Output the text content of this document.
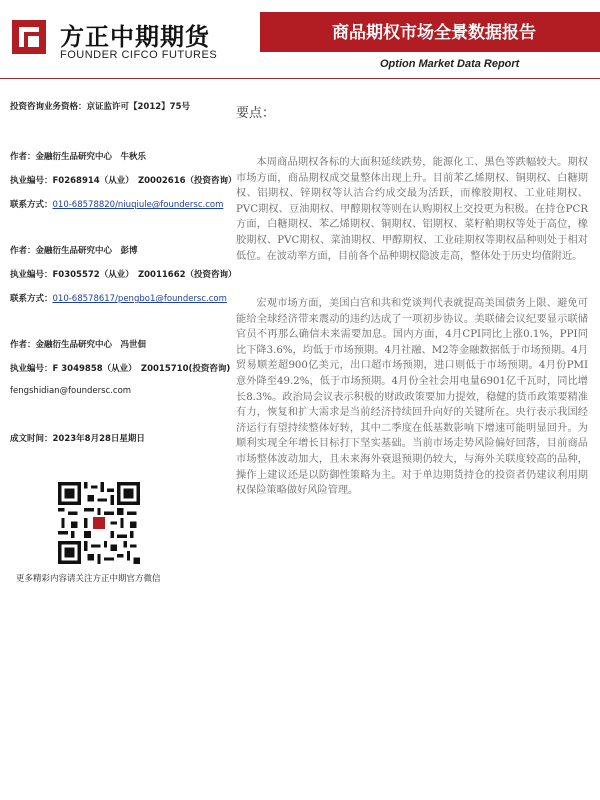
方正中期期货
FOUNDER CIFCO FUTURES
商品期权市场全景数据报告
Option Market Data Report
投资咨询业务资格：京证监许可【2012】75号
作者：金融衍生品研究中心　牛秋乐
执业编号：F0268914（从业）　Z0002616（投资咨询）
联系方式：010-68578820/niuqiule@foundersc.com
作者：金融衍生品研究中心　彭博
执业编号：F0305572（从业）　Z0011662（投资咨询）
联系方式：010-68578617/pengbo1@foundersc.com
作者：金融衍生品研究中心　冯世佃
执业编号：F 3049858（从业）　Z0015710(投资咨询)
fengshidian@foundersc.com
成文时间：2023年8月28日星期日
更多精彩内容请关注方正中期官方微信
要点：

本周商品期权各标的大面积延续跌势，能源化工、黑色等跌幅较大。期权市场方面，商品期权成交量整体出现上升。目前苯乙烯期权、铜期权、白糖期权、铝期权、锌期权等认沽合约成交最为活跃，而橡胶期权、工业硅期权、PVC期权、豆油期权、甲醇期权等则在认购期权上交投更为积极。在持仓PCR方面，白糖期权、苯乙烯期权、铜期权、铝期权、菜籽粕期权等处于高位，橡胶期权、PVC期权、菜油期权、甲醇期权、工业硅期权等期权品种则处于相对低位。在波动率方面，目前各个品种期权隐波走高，整体处于历史均值附近。

宏观市场方面，美国白宫和共和党谈判代表就提高美国债务上限、避免可能给全球经济带来震动的违约达成了一项初步协议。美联储会议纪要显示联储官员不再那么确信未来需要加息。国内方面，4月CPI同比上涨0.1%，PPI同比下降3.6%，均低于市场预期。4月社融、M2等金融数据低于市场预期。4月贸易顺差超900亿美元，出口超市场预期，进口则低于市场预期。4月份PMI意外降至49.2%，低于市场预期。4月份全社会用电量6901亿千瓦时，同比增长8.3%。政治局会议表示积极的财政政策要加力提效，稳健的货币政策要精准有力，恢复和扩大需求是当前经济持续回升向好的关键所在。央行表示我国经济运行有望持续整体好转，其中二季度在低基数影响下增速可能明显回升。为顺利实现全年增长目标打下坚实基础。当前市场走势风险偏好回落，目前商品市场整体波动加大，且未来海外衰退预期仍较大，与海外关联度较高的品种，操作上建议还是以防御性策略为主。对于单边期货持仓的投资者仍建议利用期权保险策略做好风险管理。
